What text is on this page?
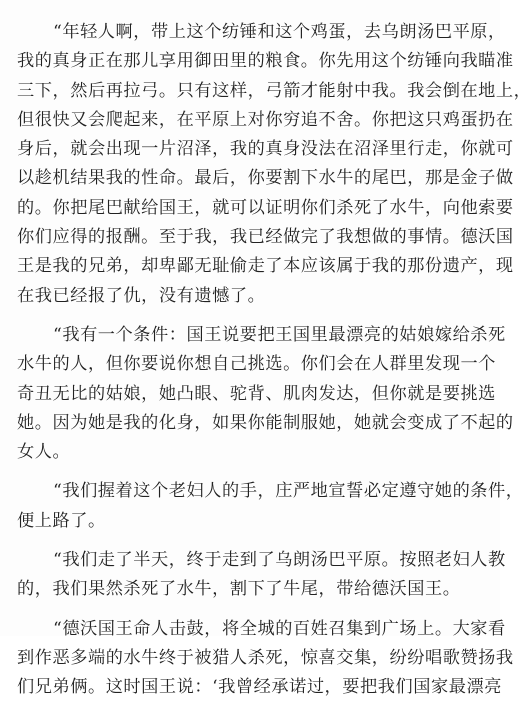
“年轻人啊，带上这个纺锤和这个鸡蛋，去乌朗汤巴平原，
我的真身正在那儿享用御田里的粮食。你先用这个纺锤向我瞄准
三下，然后再拉弓。只有这样，弓箭才能射中我。我会倒在地上，
但很快又会爬起来，在平原上对你穷追不舍。你把这只鸡蛋扔在
身后，就会出现一片沼泽，我的真身没法在沼泽里行走，你就可
以趁机结果我的性命。最后，你要割下水牛的尾巴，那是金子做
的。你把尾巴献给国王，就可以证明你们杀死了水牛，向他索要
你们应得的报酬。至于我，我已经做完了我想做的事情。德沃国
王是我的兄弟，却卑鄙无耻偷走了本应该属于我的那份遗产，现
在我已经报了仇，没有遗憾了。
“我有一个条件：国王说要把王国里最漂亮的姑娘嫁给杀死
水牛的人，但你要说你想自己挑选。你们会在人群里发现一个
奇丑无比的姑娘，她凸眼、驼背、肌肉发达，但你就是要挑选
她。因为她是我的化身，如果你能制服她，她就会变成了不起的
女人。
“我们握着这个老妇人的手，庄严地宣誓必定遵守她的条件，
便上路了。
“我们走了半天，终于走到了乌朗汤巴平原。按照老妇人教
的，我们果然杀死了水牛，割下了牛尾，带给德沃国王。
“德沃国王命人击鼓，将全城的百姓召集到广场上。大家看
到作恶多端的水牛终于被猎人杀死，惊喜交集，纷纷唱歌赞扬我
们兄弟俩。这时国王说：‘我曾经承诺过，要把我们国家最漂亮
